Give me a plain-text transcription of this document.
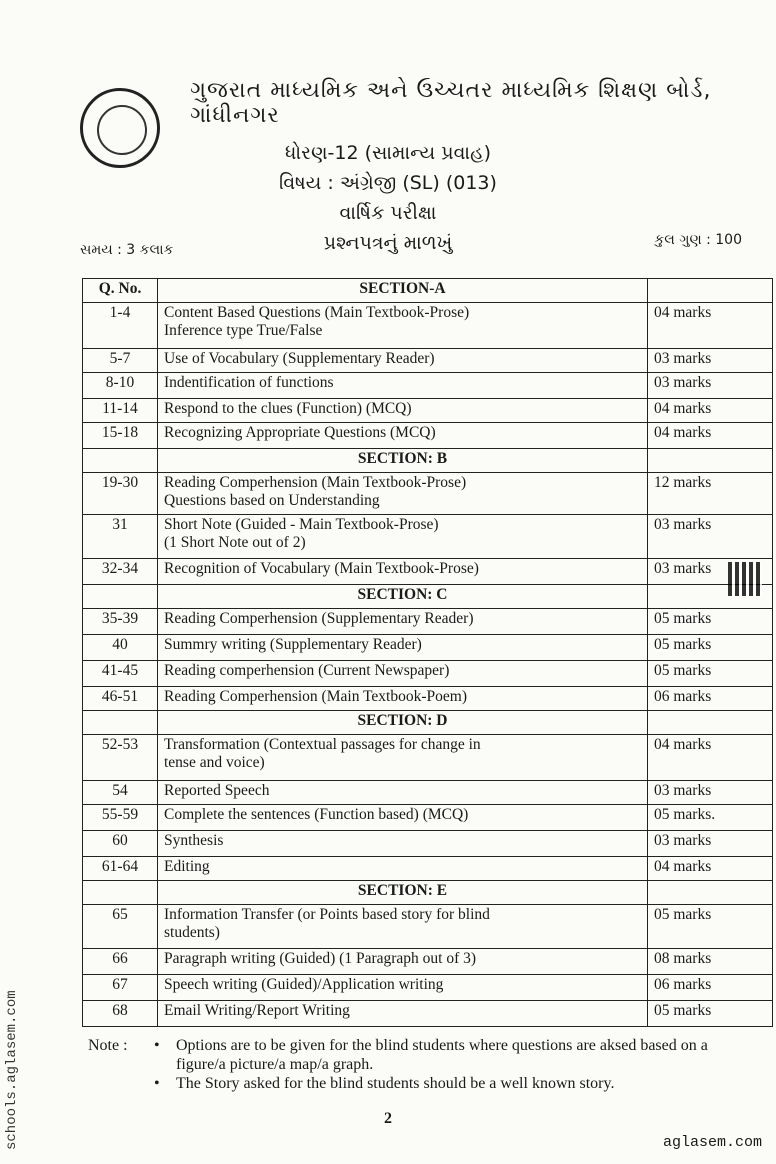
ગુજરાત માધ્યમિક અને ઉચ્ચતર માધ્યમિક શિક્ષણ બોર્ડ, ગાંધીનગર
ધોરણ-12 (સામાન્ય પ્રવાહ)
વિષય : અંગ્રેજી (SL) (013)
વાર્ષિક પરીક્ષા
પ્રશ્નપત્રનું માળખું
સમય : 3 કલાક
કુલ ગુણ : 100
Q. No.	SECTION-A	
1-4	Content Based Questions (Main Textbook-Prose)
Inference type True/False	04 marks
5-7	Use of Vocabulary (Supplementary Reader)	03 marks
8-10	Indentification of functions	03 marks
11-14	Respond to the clues (Function) (MCQ)	04 marks
15-18	Recognizing Appropriate Questions (MCQ)	04 marks
	SECTION: B	
19-30	Reading Comperhension (Main Textbook-Prose)
Questions based on Understanding	12 marks
31	Short Note (Guided - Main Textbook-Prose)
(1 Short Note out of 2)	03 marks
32-34	Recognition of Vocabulary (Main Textbook-Prose)	03 marks
	SECTION: C	
35-39	Reading Comperhension (Supplementary Reader)	05 marks
40	Summry writing (Supplementary Reader)	05 marks
41-45	Reading comperhension (Current Newspaper)	05 marks
46-51	Reading Comperhension (Main Textbook-Poem)	06 marks
	SECTION: D	
52-53	Transformation (Contextual passages for change in
tense and voice)	04 marks
54	Reported Speech	03 marks
55-59	Complete the sentences (Function based) (MCQ)	05 marks.
60	Synthesis	03 marks
61-64	Editing	04 marks
	SECTION: E	
65	Information Transfer (or Points based story for blind
students)	05 marks
66	Paragraph writing (Guided) (1 Paragraph out of 3)	08 marks
67	Speech writing (Guided)/Application writing	06 marks
68	Email Writing/Report Writing	05 marks
Note :	• Options are to be given for the blind students where questions are aksed based on a figure/a picture/a map/a graph.
• The Story asked for the blind students should be a well known story.
2
aglasem.com
schools.aglasem.com
